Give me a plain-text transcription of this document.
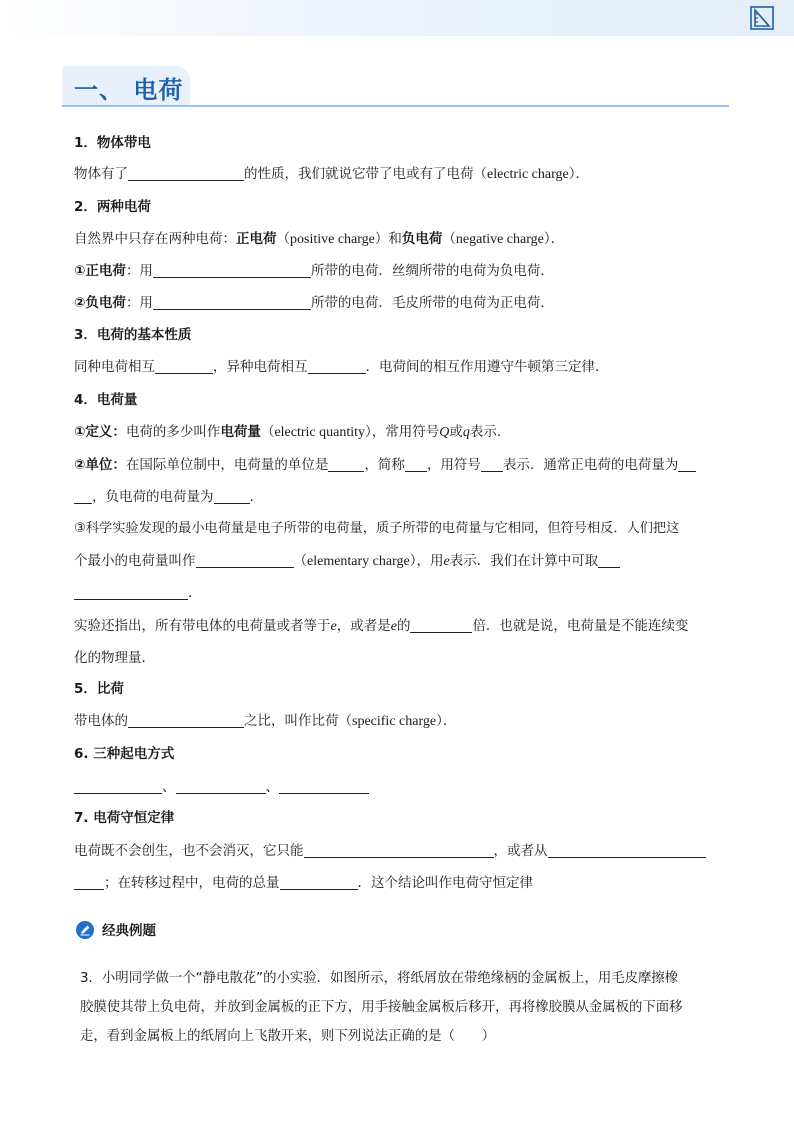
一、 电荷
1．物体带电
物体有了	的性质，我们就说它带了电或有了电荷（electric charge）．
2．两种电荷
自然界中只存在两种电荷：正电荷（positive charge）和负电荷（negative charge）．
①正电荷：用	所带的电荷．丝绸所带的电荷为负电荷．
②负电荷：用	所带的电荷．毛皮所带的电荷为正电荷．
3．电荷的基本性质
同种电荷相互	，异种电荷相互	．电荷间的相互作用遵守牛顿第三定律．
4．电荷量
①定义：电荷的多少叫作电荷量（electric quantity），常用符号Q或q表示．
②单位：在国际单位制中，电荷量的单位是	，简称 ，用符号 表示．通常正电荷的电荷量为
，负电荷的电荷量为	．
③科学实验发现的最小电荷量是电子所带的电荷量，质子所带的电荷量与它相同，但符号相反．人们把这
个最小的电荷量叫作	（elementary charge），用e表示．我们在计算中可取
．
实验还指出，所有带电体的电荷量或者等于e，或者是e的	倍．也就是说，电荷量是不能连续变
化的物理量．
5．比荷
带电体的	之比，叫作比荷（specific charge）．
6. 三种起电方式
、	、
7. 电荷守恒定律
电荷既不会创生，也不会消灭，它只能	，或者从
；在转移过程中，电荷的总量	．这个结论叫作电荷守恒定律
经典例题
3．小明同学做一个“静电散花”的小实验．如图所示，将纸屑放在带绝缘柄的金属板上，用毛皮摩擦橡
胶膜使其带上负电荷，并放到金属板的正下方，用手接触金属板后移开，再将橡胶膜从金属板的下面移
走，看到金属板上的纸屑向上飞散开来，则下列说法正确的是（　　）
